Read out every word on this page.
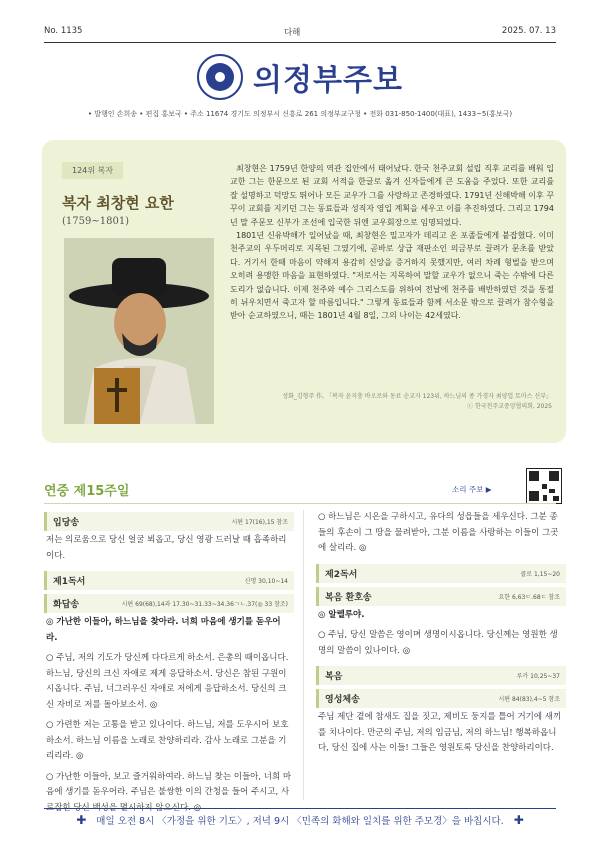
No. 1135	다해	2025. 07. 13
의정부주보
• 발행인 손희송 • 편집 홍보국 • 주소 11674 경기도 의정부시 신흥로 261 의정부교구청 • 전화 031-850-1400(대표), 1433~5(홍보국)
124위 복자
복자 최창현 요한
(1759~1801)

최창현은 1759년 한양의 역관 집안에서 태어났다. 한국 천주교회 설립 직후 교리를 배워 입교한 그는 한문으로 된 교회 서적을 한글로 옮겨 신자들에게 큰 도움을 주었다. 또한 교리를 잘 설명하고 덕망도 뛰어나 모든 교우가 그를 사랑하고 존경하였다. 1791년 신해박해 이후 꾸꾸이 교회를 지키던 그는 동료들과 성직자 영입 계획을 세우고 이를 추진하였다. 그리고 1794년 말 주문모 신부가 조선에 입국한 뒤엔 교우회장으로 임명되었다.

1801년 신유박해가 일어났을 때, 최창현은 밀고자가 데리고 온 포졸들에게 붙잡혔다. 이미 천주교의 우두머리로 지목된 그였기에, 곧바로 상급 재판소인 의금부로 끌려가 문초를 받았다. 거기서 한때 마음이 약해져 용감히 신앙을 증거하지 못했지만, 여러 차례 형벌을 받으며 오히려 용맹한 마음을 표현하였다. "저로서는 지목하여 말할 교우가 없으니 죽는 수밖에 다른 도리가 없습니다. 이제 천주와 예수 그리스도를 위하여 전날에 천주를 배반하였던 것을 통절히 뉘우치면서 죽고자 할 따름입니다." 그렇게 동료들과 함께 서소문 밖으로 끌려가 참수형을 받아 순교하였으니, 때는 1801년 4월 8일, 그의 나이는 42세였다.

성화_김형주 作, 「복자 윤지충 바오로와 동료 순교자 123위, 하느님의 종 가경자 최양업 토마스 신부」
ⓒ 한국천주교중앙협의회, 2025
연중 제15주일	소리 주보 ▶
입당송	시편 17(16),15 참조
저는 의로움으로 당신 얼굴 뵈옵고, 당신 영광 드러날 때 흡족하리이다.
제1독서	신명 30,10~14
화답송	시편 69(68),14과 17.30~31.33~34.36ㄱㄴ.37(◎ 33 참조)
◎ 가난한 이들아, 하느님을 찾아라. 너희 마음에 생기를 돋우어라.
○ 주님, 저의 기도가 당신께 다다르게 하소서. 은총의 때이옵니다. 하느님, 당신의 크신 자애로 제게 응답하소서. 당신은 참된 구원이시옵니다. 주님, 너그러우신 자애로 저에게 응답하소서. 당신의 크신 자비로 저를 돌아보소서. ◎
○ 가련한 저는 고통을 받고 있나이다. 하느님, 저를 도우시어 보호하소서. 하느님 이름을 노래로 찬양하리라. 감사 노래로 그분을 기리리라. ◎
○ 가난한 이들아, 보고 즐거워하여라. 하느님 찾는 이들아, 너희 마음에 생기를 돋우어라. 주님은 불쌍한 이의 간청을 들어 주시고, 사로잡힌 당신 백성을 멸시하지 않으신다. ◎
○ 하느님은 시온을 구하시고, 유다의 성읍들을 세우신다. 그분 종들의 후손이 그 땅을 물려받아, 그분 이름을 사랑하는 이들이 그곳에 살리라. ◎
제2독서	콜로 1,15~20
복음 환호송	요한 6,63ㄷ.68ㄷ 참조
◎ 알렐루야.
○ 주님, 당신 말씀은 영이며 생명이시옵니다. 당신께는 영원한 생명의 말씀이 있나이다. ◎
복음	루카 10,25~37
영성체송	시편 84(83),4~5 참조
주님 제단 곁에 참새도 집을 짓고, 제비도 둥지를 틀어 거기에 새끼를 치나이다. 만군의 주님, 저의 임금님, 저의 하느님! 행복하옵니다, 당신 집에 사는 이들! 그들은 영원토록 당신을 찬양하리이다.
✚ 매일 오전 8시 〈가정을 위한 기도〉, 저녁 9시 〈민족의 화해와 일치를 위한 주모경〉을 바칩시다. ✚
